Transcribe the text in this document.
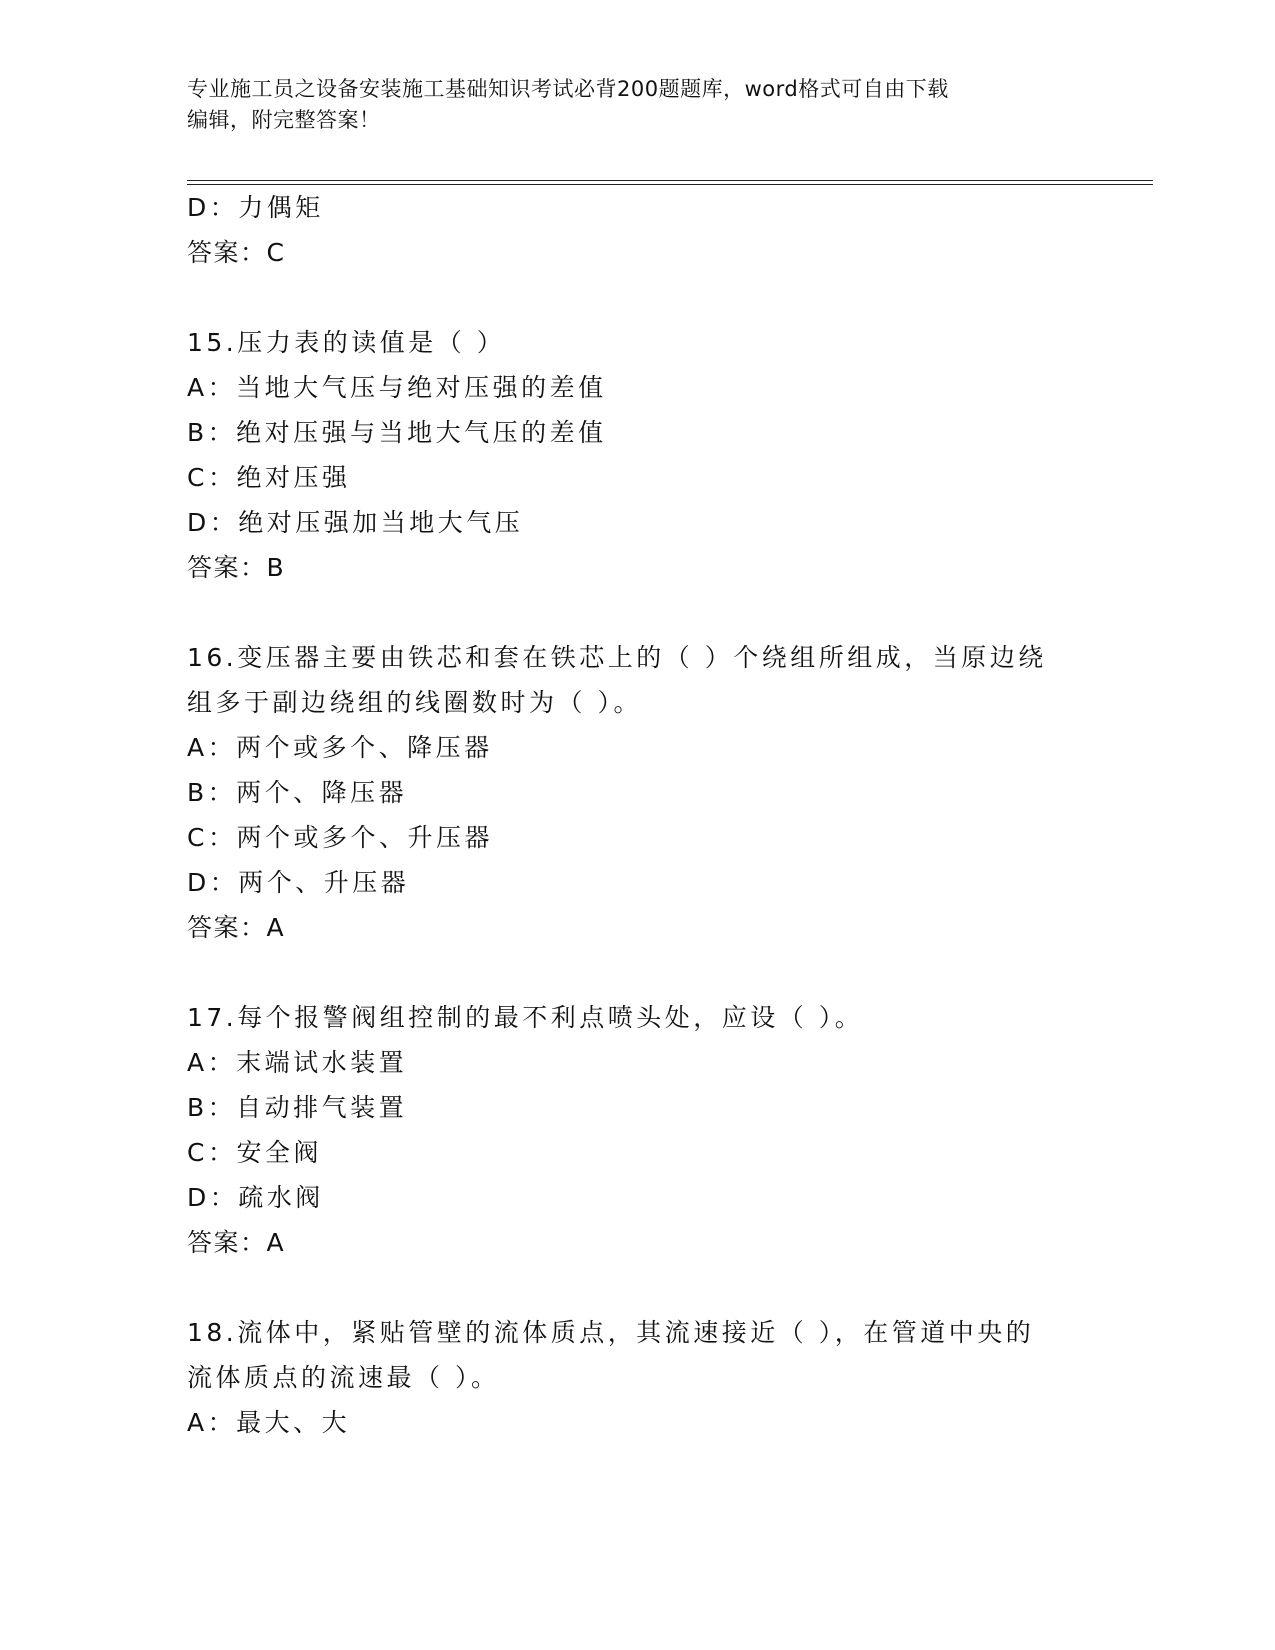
专业施工员之设备安装施工基础知识考试必背200题题库，word格式可自由下载
编辑，附完整答案！
D：力偶矩
答案：C
15.压力表的读值是（ ）
A：当地大气压与绝对压强的差值
B：绝对压强与当地大气压的差值
C：绝对压强
D：绝对压强加当地大气压
答案：B
16.变压器主要由铁芯和套在铁芯上的（ ）个绕组所组成，当原边绕
组多于副边绕组的线圈数时为（ ）。
A：两个或多个、降压器
B：两个、降压器
C：两个或多个、升压器
D：两个、升压器
答案：A
17.每个报警阀组控制的最不利点喷头处，应设（ ）。
A：末端试水装置
B：自动排气装置
C：安全阀
D：疏水阀
答案：A
18.流体中，紧贴管壁的流体质点，其流速接近（ ），在管道中央的
流体质点的流速最（ ）。
A：最大、大
